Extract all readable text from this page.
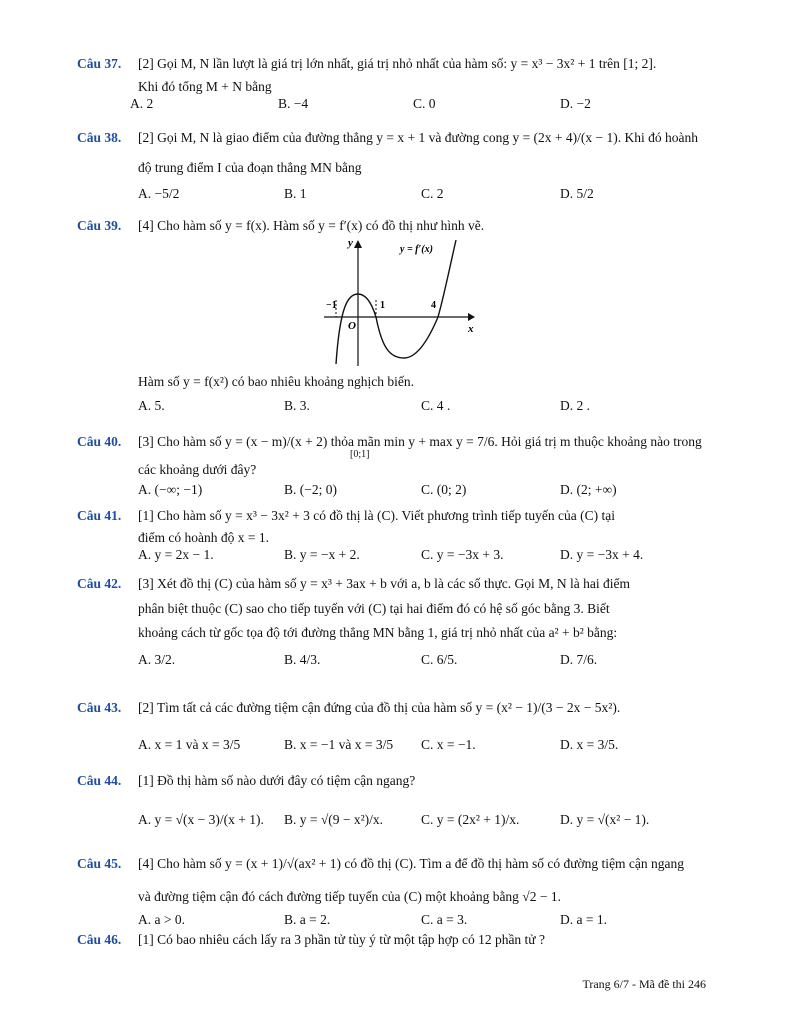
Câu 37.	[2] Gọi M, N lần lượt là giá trị lớn nhất, giá trị nhỏ nhất của hàm số: y = x³ − 3x² + 1 trên [1; 2].
Khi đó tổng M + N bằng
A. 2	B. −4	C. 0	D. −2
Câu 38.	[2] Gọi M, N là giao điểm của đường thẳng y = x + 1 và đường cong y = (2x + 4)/(x − 1). Khi đó hoành
độ trung điểm I của đoạn thẳng MN bằng
A. −5/2	B. 1	C. 2	D. 5/2
Câu 39.	[4] Cho hàm số y = f(x). Hàm số y = f′(x) có đồ thị như hình vẽ.
y
x
y = f′(x)
O
−1	1	4
Hàm số y = f(x²) có bao nhiêu khoảng nghịch biến.
A. 5.	B. 3.	C. 4 .	D. 2 .
Câu 40.	[3] Cho hàm số y = (x − m)/(x + 2) thỏa mãn min y + max y = 7/6. Hỏi giá trị m thuộc khoảng nào trong
[0;1]
các khoảng dưới đây?
A. (−∞; −1)	B. (−2; 0)	C. (0; 2)	D. (2; +∞)
Câu 41.	[1] Cho hàm số y = x³ − 3x² + 3 có đồ thị là (C). Viết phương trình tiếp tuyến của (C) tại
điểm có hoành độ x = 1.
A. y = 2x − 1.	B. y = −x + 2.	C. y = −3x + 3.	D. y = −3x + 4.
Câu 42.	[3] Xét đồ thị (C) của hàm số y = x³ + 3ax + b với a, b là các số thực. Gọi M, N là hai điểm
phân biệt thuộc (C) sao cho tiếp tuyến với (C) tại hai điểm đó có hệ số góc bằng 3. Biết
khoảng cách từ gốc tọa độ tới đường thẳng MN bằng 1, giá trị nhỏ nhất của a² + b² bằng:
A. 3/2.	B. 4/3.	C. 6/5.	D. 7/6.
Câu 43.	[2] Tìm tất cả các đường tiệm cận đứng của đồ thị của hàm số y = (x² − 1)/(3 − 2x − 5x²).
A. x = 1 và x = 3/5	B. x = −1 và x = 3/5 C. x = −1.	D. x = 3/5.
Câu 44.	[1] Đồ thị hàm số nào dưới đây có tiệm cận ngang?
A. y = √(x − 3)/(x + 1). B. y = √(9 − x²)/x.	C. y = (2x² + 1)/x.	D. y = √(x² − 1).
Câu 45.	[4] Cho hàm số y = (x + 1)/√(ax² + 1) có đồ thị (C). Tìm a để đồ thị hàm số có đường tiệm cận ngang
và đường tiệm cận đó cách đường tiếp tuyến của (C) một khoảng bằng √2 − 1.
A. a > 0.	B. a = 2.	C. a = 3.	D. a = 1.
Câu 46.	[1] Có bao nhiêu cách lấy ra 3 phần tử tùy ý từ một tập hợp có 12 phần tử ?
Trang 6/7 - Mã đề thi 246
